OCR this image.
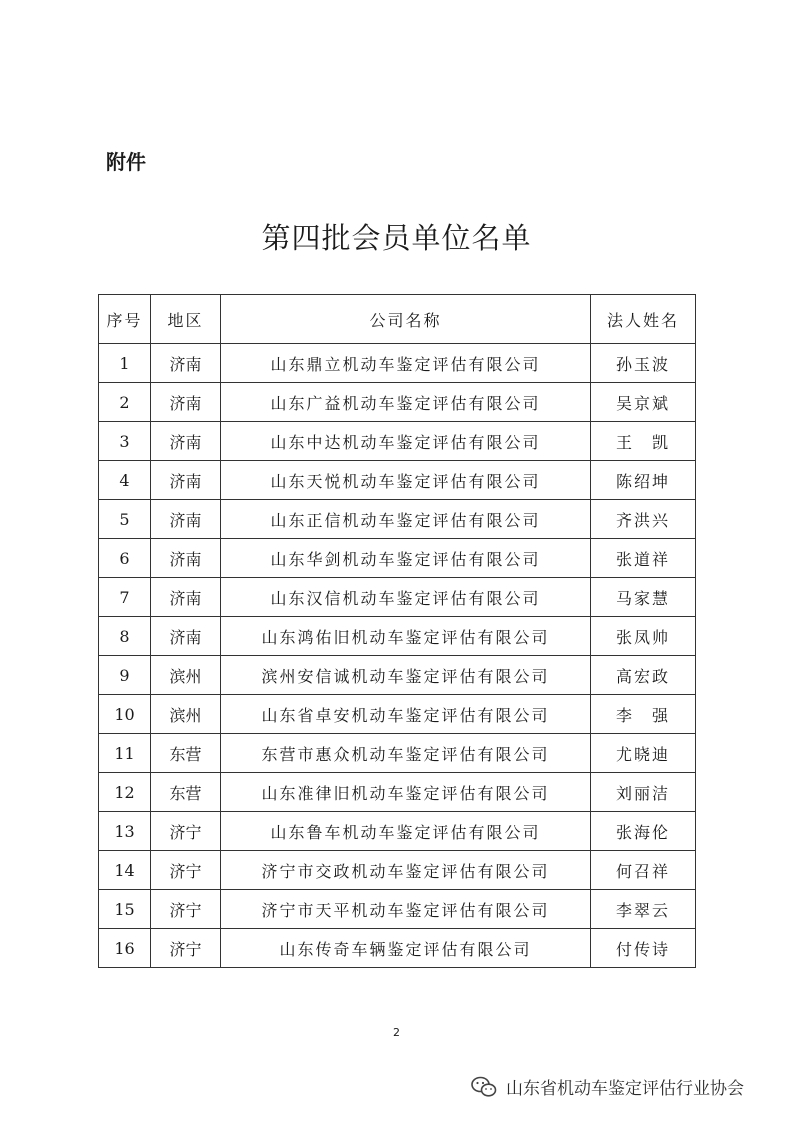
附件
第四批会员单位名单
序号	地区	公司名称	法人姓名
1	济南	山东鼎立机动车鉴定评估有限公司	孙玉波
2	济南	山东广益机动车鉴定评估有限公司	吴京斌
3	济南	山东中达机动车鉴定评估有限公司	王　凯
4	济南	山东天悦机动车鉴定评估有限公司	陈绍坤
5	济南	山东正信机动车鉴定评估有限公司	齐洪兴
6	济南	山东华剑机动车鉴定评估有限公司	张道祥
7	济南	山东汉信机动车鉴定评估有限公司	马家慧
8	济南	山东鸿佑旧机动车鉴定评估有限公司	张凤帅
9	滨州	滨州安信诚机动车鉴定评估有限公司	高宏政
10	滨州	山东省卓安机动车鉴定评估有限公司	李　强
11	东营	东营市惠众机动车鉴定评估有限公司	尤晓迪
12	东营	山东准律旧机动车鉴定评估有限公司	刘丽洁
13	济宁	山东鲁车机动车鉴定评估有限公司	张海伦
14	济宁	济宁市交政机动车鉴定评估有限公司	何召祥
15	济宁	济宁市天平机动车鉴定评估有限公司	李翠云
16	济宁	山东传奇车辆鉴定评估有限公司	付传诗
2
山东省机动车鉴定评估行业协会
